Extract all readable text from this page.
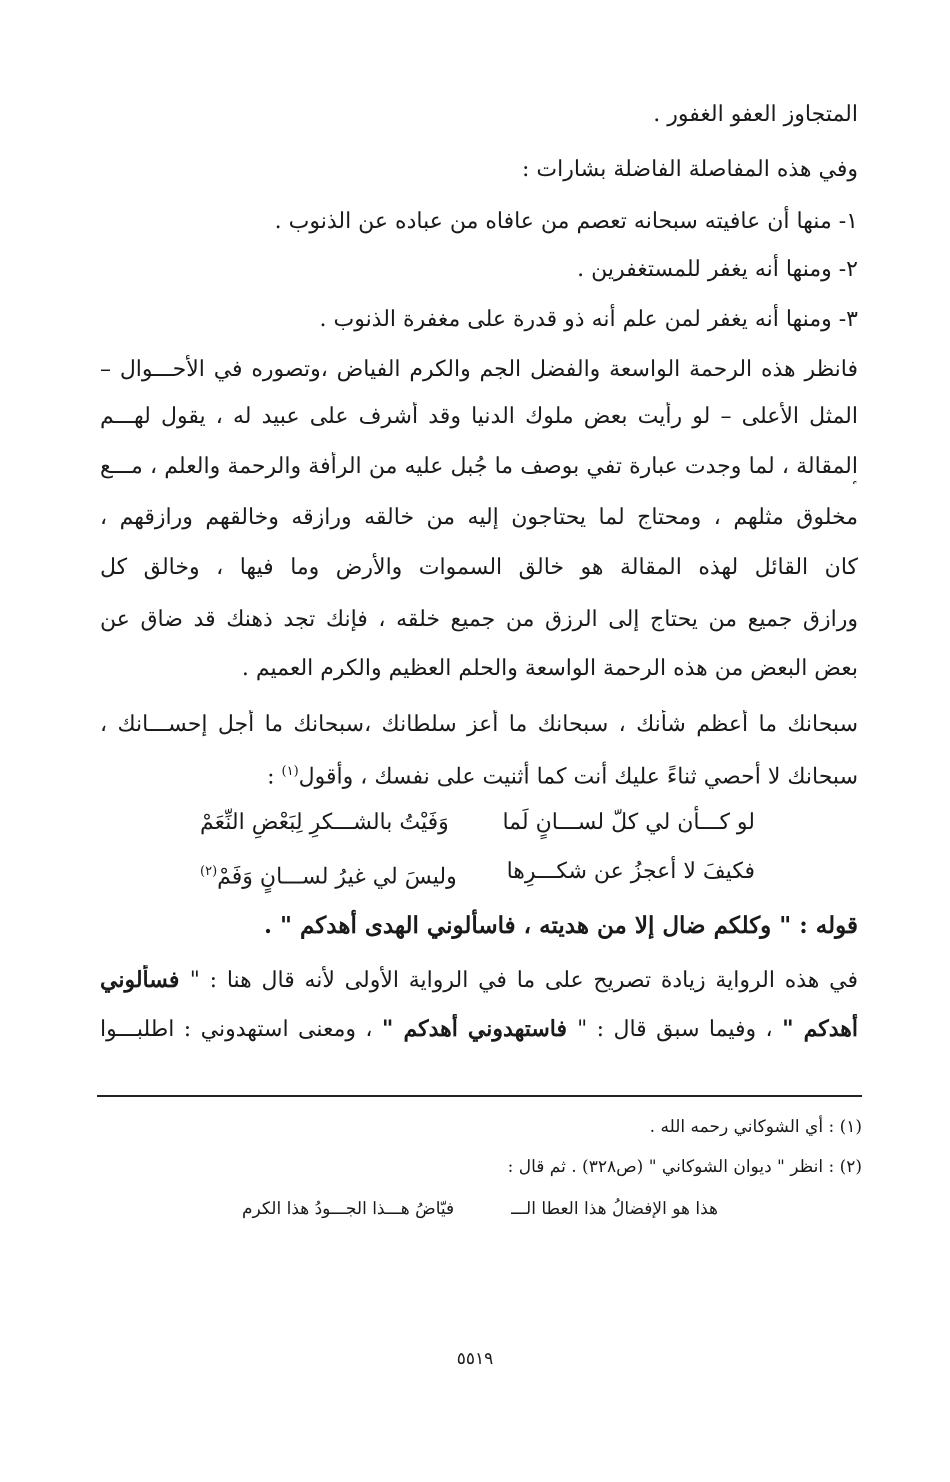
المتجاوز العفو الغفور .
وفي هذه المفاصلة الفاضلة بشارات :
١- منها أن عافيته سبحانه تعصم من عافاه من عباده عن الذنوب .
٢- ومنها أنه يغفر للمستغفرين .
٣- ومنها أنه يغفر لمن علم أنه ذو قدرة على مغفرة الذنوب .
فانظر هذه الرحمة الواسعة والفضل الجم والكرم الفياض ،وتصوره في الأحـــوال –
المثل الأعلى – لو رأيت بعض ملوك الدنيا وقد أشرف على عبيد له ، يقول لهـــم
المقالة ، لما وجدت عبارة تفي بوصف ما جُبل عليه من الرأفة والرحمة والعلم ، مـــع
مخلوق مثلهم ، ومحتاج لما يحتاجون إليه من خالقه ورازقه وخالقهم ورازقهم ،
كان القائل لهذه المقالة هو خالق السموات والأرض وما فيها ، وخالق كل
ورازق جميع من يحتاج إلى الرزق من جميع خلقه ، فإنك تجد ذهنك قد ضاق عن
بعض البعض من هذه الرحمة الواسعة والحلم العظيم والكرم العميم .
سبحانك ما أعظم شأنك ، سبحانك ما أعز سلطانك ،سبحانك ما أجل إحســـانك ،
سبحانك لا أحصي ثناءً عليك أنت كما أثنيت على نفسك ، وأقول$^{(١)}$ :
لو كـــأن لي كلّ لســـانٍ لَما
وَفَيْتُ بالشـــكرِ لِبَعْضِ النِّعَمْ
فكيفَ لا أعجزُ عن شكـــرِها
وليسَ لي غيرُ لســـانٍ وَفَمْ$^{(٢)}$
قوله : " وكلكم ضال إلا من هديته ، فاسألوني الهدى أهدكم " .
في هذه الرواية زيادة تصريح على ما في الرواية الأولى لأنه قال هنا : " فسألوني
أهدكم " ، وفيما سبق قال : " فاستهدوني أهدكم " ، ومعنى استهدوني : اطلبـــوا
(١) : أي الشوكاني رحمه الله .
(٢) : انظر " ديوان الشوكاني " (ص٣٢٨) . ثم قال :
هذا هو الإفضالُ هذا العطا الـــ
فيّاضُ هـــذا الجـــودُ هذا الكرم
٥٥١٩
